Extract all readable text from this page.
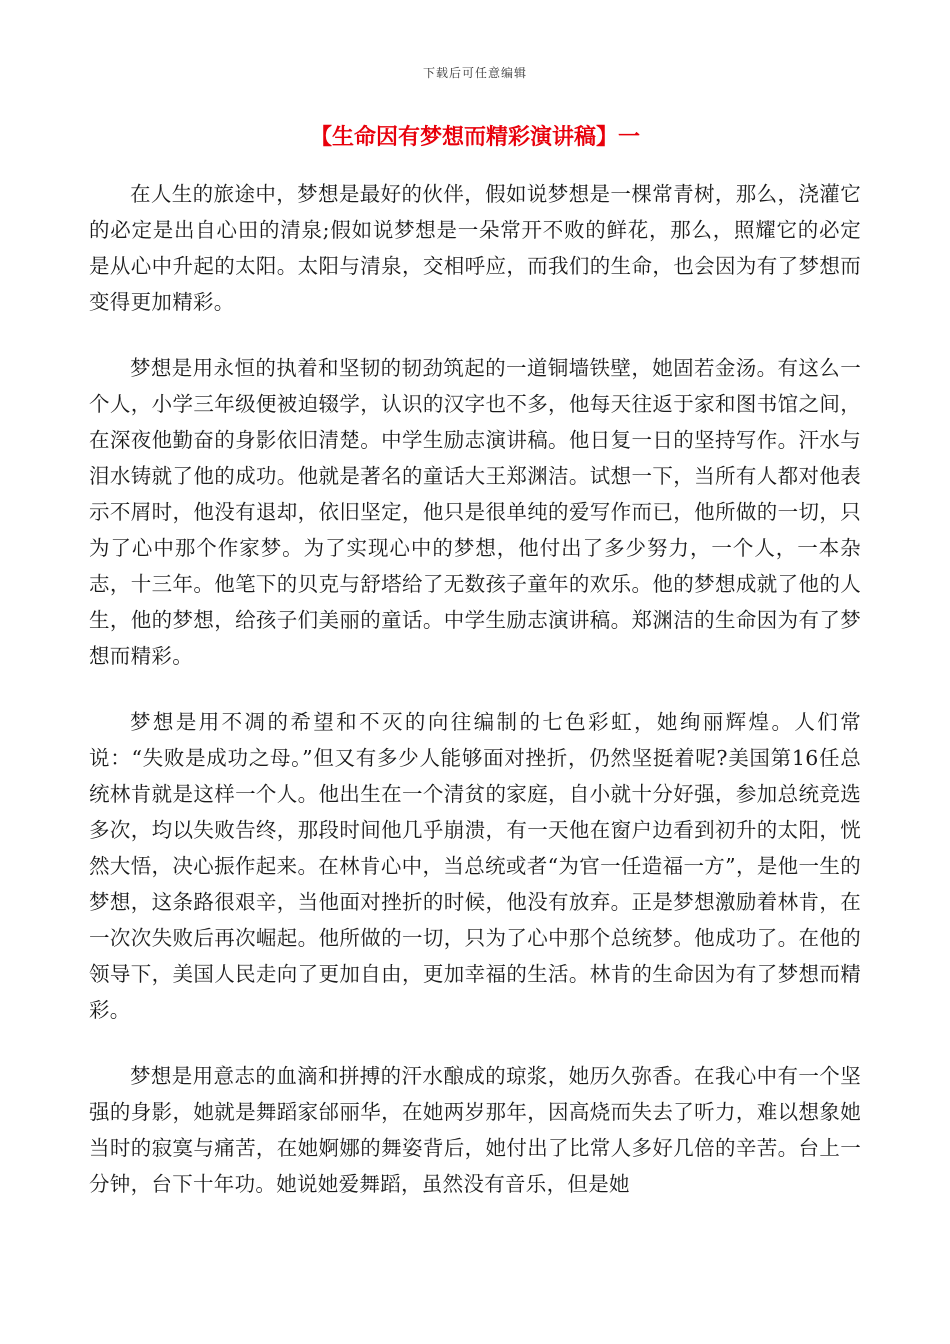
下载后可任意编辑
【生命因有梦想而精彩演讲稿】一

在人生的旅途中，梦想是最好的伙伴，假如说梦想是一棵常青树，那么，浇灌它的必定是出自心田的清泉;假如说梦想是一朵常开不败的鲜花，那么，照耀它的必定是从心中升起的太阳。太阳与清泉，交相呼应，而我们的生命，也会因为有了梦想而变得更加精彩。

梦想是用永恒的执着和坚韧的韧劲筑起的一道铜墙铁壁，她固若金汤。有这么一个人，小学三年级便被迫辍学，认识的汉字也不多，他每天往返于家和图书馆之间，在深夜他勤奋的身影依旧清楚。中学生励志演讲稿。他日复一日的坚持写作。汗水与泪水铸就了他的成功。他就是著名的童话大王郑渊洁。试想一下，当所有人都对他表示不屑时，他没有退却，依旧坚定，他只是很单纯的爱写作而已，他所做的一切，只为了心中那个作家梦。为了实现心中的梦想，他付出了多少努力，一个人，一本杂志，十三年。他笔下的贝克与舒塔给了无数孩子童年的欢乐。他的梦想成就了他的人生，他的梦想，给孩子们美丽的童话。中学生励志演讲稿。郑渊洁的生命因为有了梦想而精彩。

梦想是用不凋的希望和不灭的向往编制的七色彩虹，她绚丽辉煌。人们常说：“失败是成功之母。”但又有多少人能够面对挫折，仍然坚挺着呢?美国第16任总统林肯就是这样一个人。他出生在一个清贫的家庭，自小就十分好强，参加总统竞选多次，均以失败告终，那段时间他几乎崩溃，有一天他在窗户边看到初升的太阳，恍然大悟，决心振作起来。在林肯心中，当总统或者“为官一任造福一方”，是他一生的梦想，这条路很艰辛，当他面对挫折的时候，他没有放弃。正是梦想激励着林肯，在一次次失败后再次崛起。他所做的一切，只为了心中那个总统梦。他成功了。在他的领导下，美国人民走向了更加自由，更加幸福的生活。林肯的生命因为有了梦想而精彩。

梦想是用意志的血滴和拼搏的汗水酿成的琼浆，她历久弥香。在我心中有一个坚强的身影，她就是舞蹈家邰丽华，在她两岁那年，因高烧而失去了听力，难以想象她当时的寂寞与痛苦，在她婀娜的舞姿背后，她付出了比常人多好几倍的辛苦。台上一分钟，台下十年功。她说她爱舞蹈，虽然没有音乐，但是她
